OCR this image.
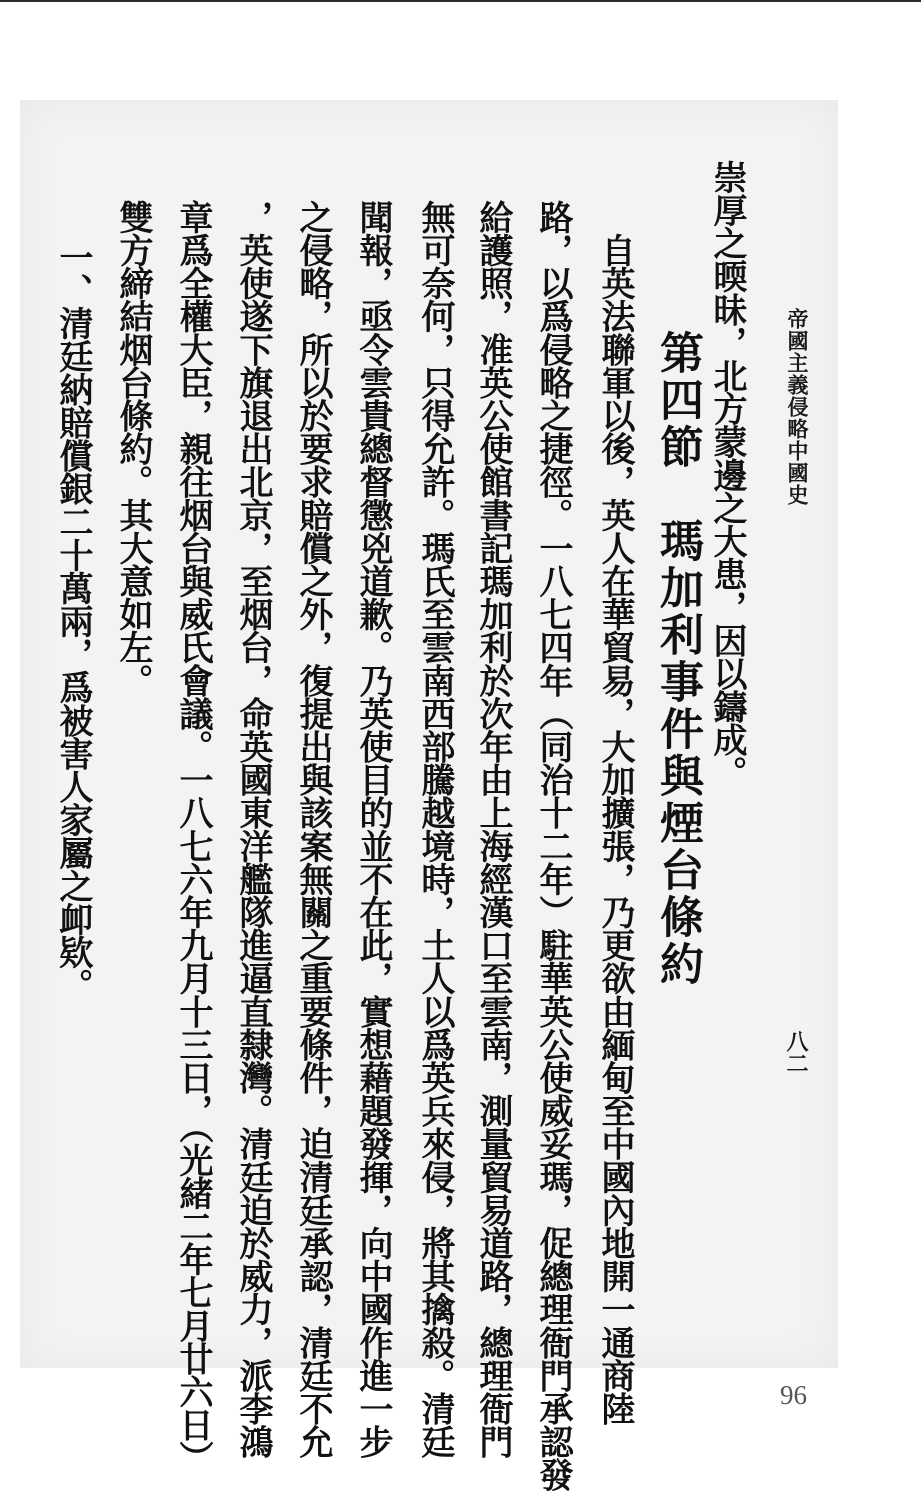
帝國主義侵略中國史
八二
第四節　瑪加利事件與煙台條約 崇厚之㬉昧，北方蒙邊之大患，因以鑄成。
　自英法聯軍以後，英人在華貿易，大加擴張，乃更欲由緬甸至中國內地開一通商陸
路，以爲侵略之捷徑。一八七四年（同治十二年）駐華英公使威妥瑪，促總理衙門承認發
給護照，准英公使館書記瑪加利於次年由上海經漢口至雲南，測量貿易道路，總理衙門
無可奈何，只得允許。瑪氏至雲南西部騰越境時，土人以爲英兵來侵，將其擒殺。清廷
聞報，亟令雲貴總督懲兇道歉。乃英使目的並不在此，實想藉題發揮，向中國作進一步
之侵略，所以於要求賠償之外，復提出與該案無關之重要條件，迫清廷承認，清廷不允
，英使遂下旗退出北京，至烟台，命英國東洋艦隊進逼直隸灣。清廷迫於威力，派李鴻
章爲全權大臣，親往烟台與威氏會議。一八七六年九月十三日，（光緒二年七月廿六日）
雙方締結烟台條約。其大意如左。
一、清廷納賠償銀二十萬兩，爲被害人家屬之卹欵。
96
